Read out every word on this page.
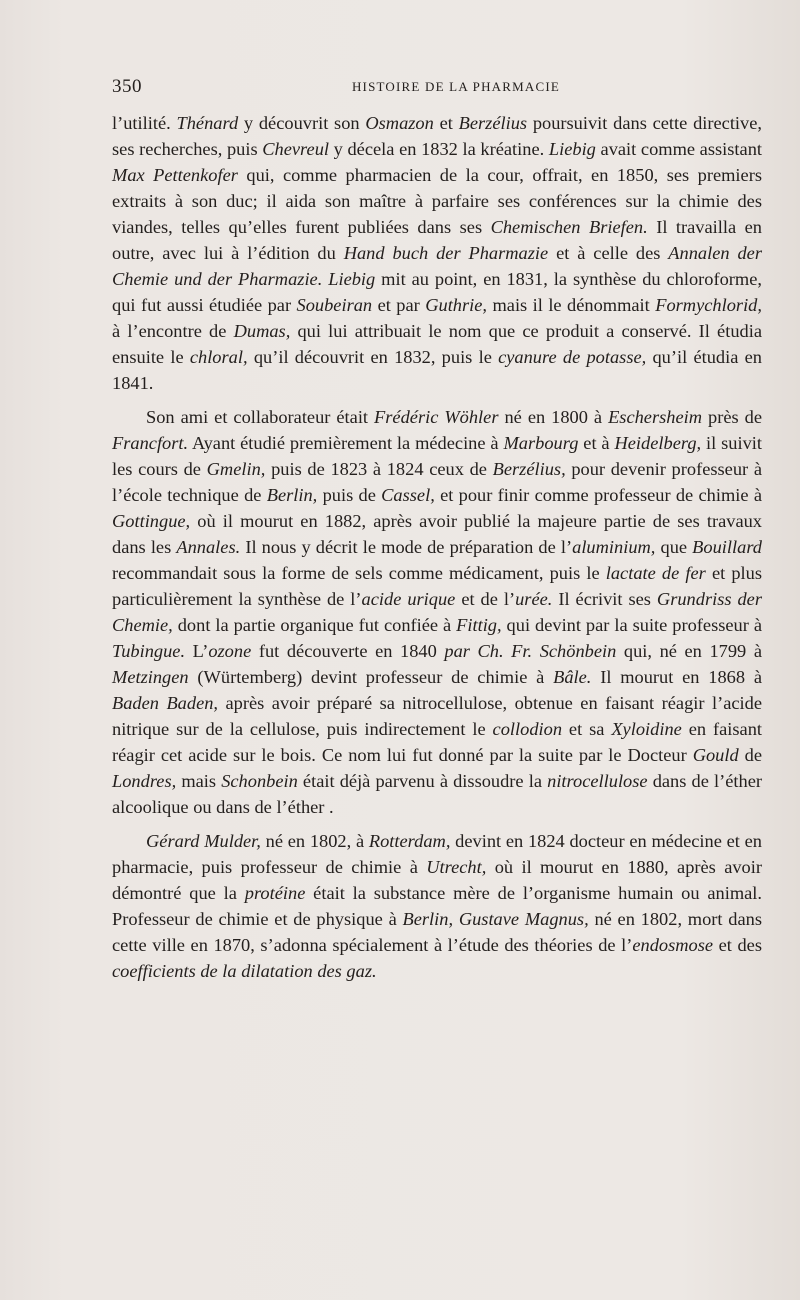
350	HISTOIRE DE LA PHARMACIE

l’utilité. Thénard y découvrit son Osmazon et Berzélius poursuivit dans cette directive, ses recherches, puis Chevreul y décela en 1832 la kréatine. Liebig avait comme assistant Max Pettenkofer qui, comme pharmacien de la cour, offrait, en 1850, ses premiers extraits à son duc; il aida son maître à parfaire ses conférences sur la chimie des viandes, telles qu’elles furent publiées dans ses Chemischen Briefen. Il travailla en outre, avec lui à l’édition du Hand buch der Pharmazie et à celle des Annalen der Chemie und der Pharmazie. Liebig mit au point, en 1831, la synthèse du chloroforme, qui fut aussi étudiée par Soubeiran et par Guthrie, mais il le dénommait Formychlorid, à l’encontre de Dumas, qui lui attribuait le nom que ce produit a conservé. Il étudia ensuite le chloral, qu’il découvrit en 1832, puis le cyanure de potasse, qu’il étudia en 1841.

Son ami et collaborateur était Frédéric Wöhler né en 1800 à Eschersheim près de Francfort. Ayant étudié premièrement la médecine à Marbourg et à Heidelberg, il suivit les cours de Gmelin, puis de 1823 à 1824 ceux de Berzélius, pour devenir professeur à l’école technique de Berlin, puis de Cassel, et pour finir comme professeur de chimie à Gottingue, où il mourut en 1882, après avoir publié la majeure partie de ses travaux dans les Annales. Il nous y décrit le mode de préparation de l’aluminium, que Bouillard recommandait sous la forme de sels comme médicament, puis le lactate de fer et plus particulièrement la synthèse de l’acide urique et de l’urée. Il écrivit ses Grundriss der Chemie, dont la partie organique fut confiée à Fittig, qui devint par la suite professeur à Tubingue. L’ozone fut découverte en 1840 par Ch. Fr. Schönbein qui, né en 1799 à Metzingen (Würtemberg) devint professeur de chimie à Bâle. Il mourut en 1868 à Baden Baden, après avoir préparé sa nitrocellulose, obtenue en faisant réagir l’acide nitrique sur de la cellulose, puis indirectement le collodion et sa Xyloidine en faisant réagir cet acide sur le bois. Ce nom lui fut donné par la suite par le Docteur Gould de Londres, mais Schonbein était déjà parvenu à dissoudre la nitrocellulose dans de l’éther alcoolique ou dans de l’éther .

Gérard Mulder, né en 1802, à Rotterdam, devint en 1824 docteur en médecine et en pharmacie, puis professeur de chimie à Utrecht, où il mourut en 1880, après avoir démontré que la protéine était la substance mère de l’organisme humain ou animal. Professeur de chimie et de physique à Berlin, Gustave Magnus, né en 1802, mort dans cette ville en 1870, s’adonna spécialement à l’étude des théories de l’endosmose et des coefficients de la dilatation des gaz.
